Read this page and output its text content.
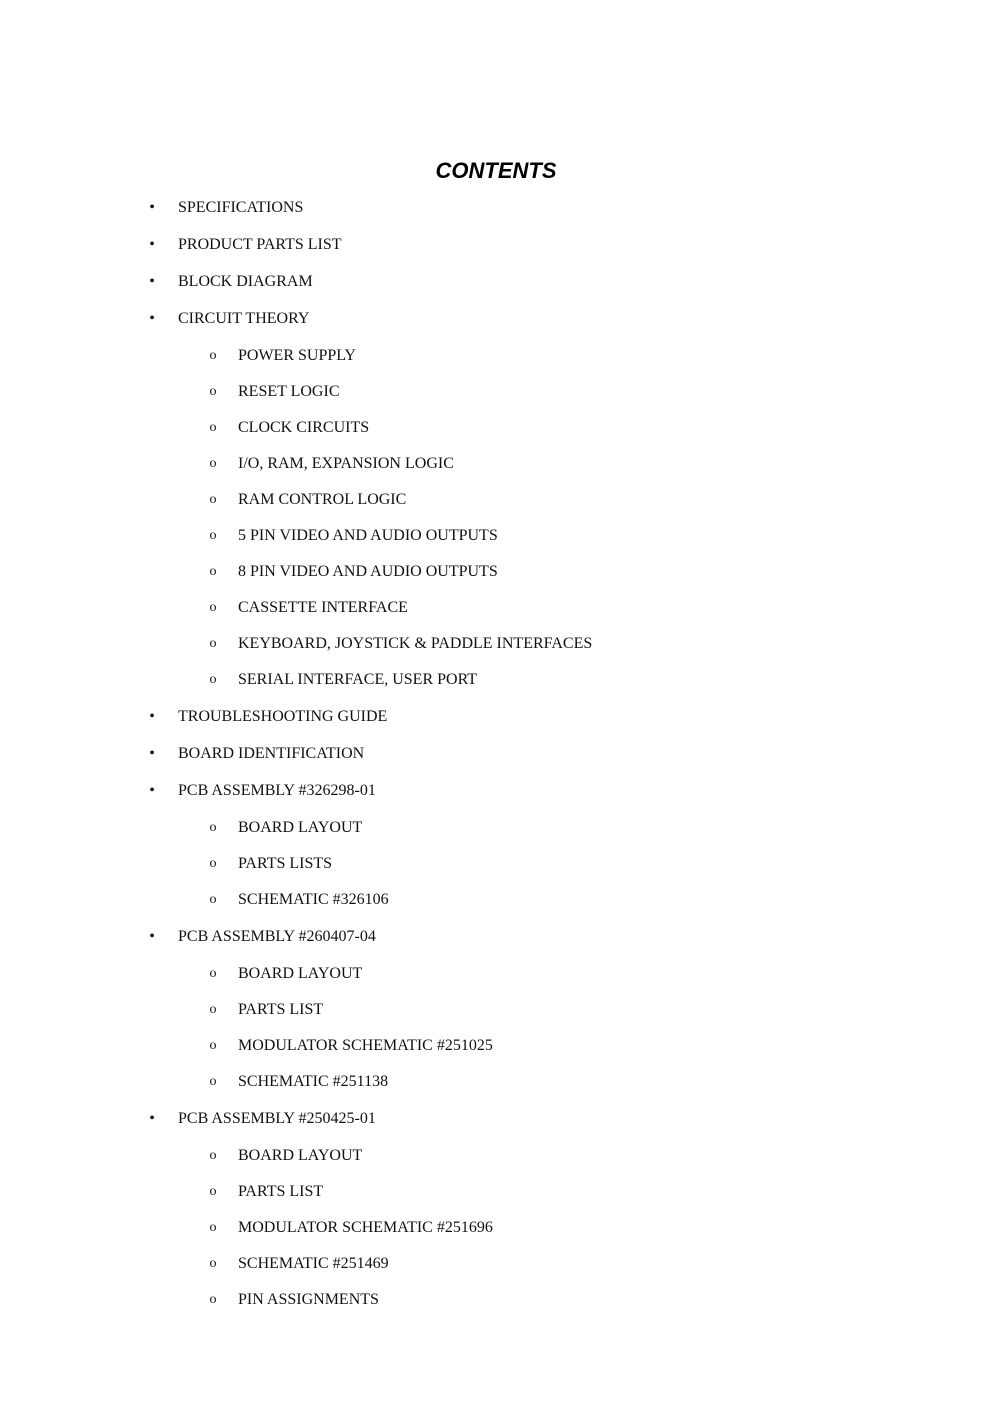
CONTENTS
• SPECIFICATIONS
• PRODUCT PARTS LIST
• BLOCK DIAGRAM
• CIRCUIT THEORY
o POWER SUPPLY
o RESET LOGIC
o CLOCK CIRCUITS
o I/O, RAM, EXPANSION LOGIC
o RAM CONTROL LOGIC
o 5 PIN VIDEO AND AUDIO OUTPUTS
o 8 PIN VIDEO AND AUDIO OUTPUTS
o CASSETTE INTERFACE
o KEYBOARD, JOYSTICK & PADDLE INTERFACES
o SERIAL INTERFACE, USER PORT
• TROUBLESHOOTING GUIDE
• BOARD IDENTIFICATION
• PCB ASSEMBLY #326298-01
o BOARD LAYOUT
o PARTS LISTS
o SCHEMATIC #326106
• PCB ASSEMBLY #260407-04
o BOARD LAYOUT
o PARTS LIST
o MODULATOR SCHEMATIC #251025
o SCHEMATIC #251138
• PCB ASSEMBLY #250425-01
o BOARD LAYOUT
o PARTS LIST
o MODULATOR SCHEMATIC #251696
o SCHEMATIC #251469
o PIN ASSIGNMENTS
